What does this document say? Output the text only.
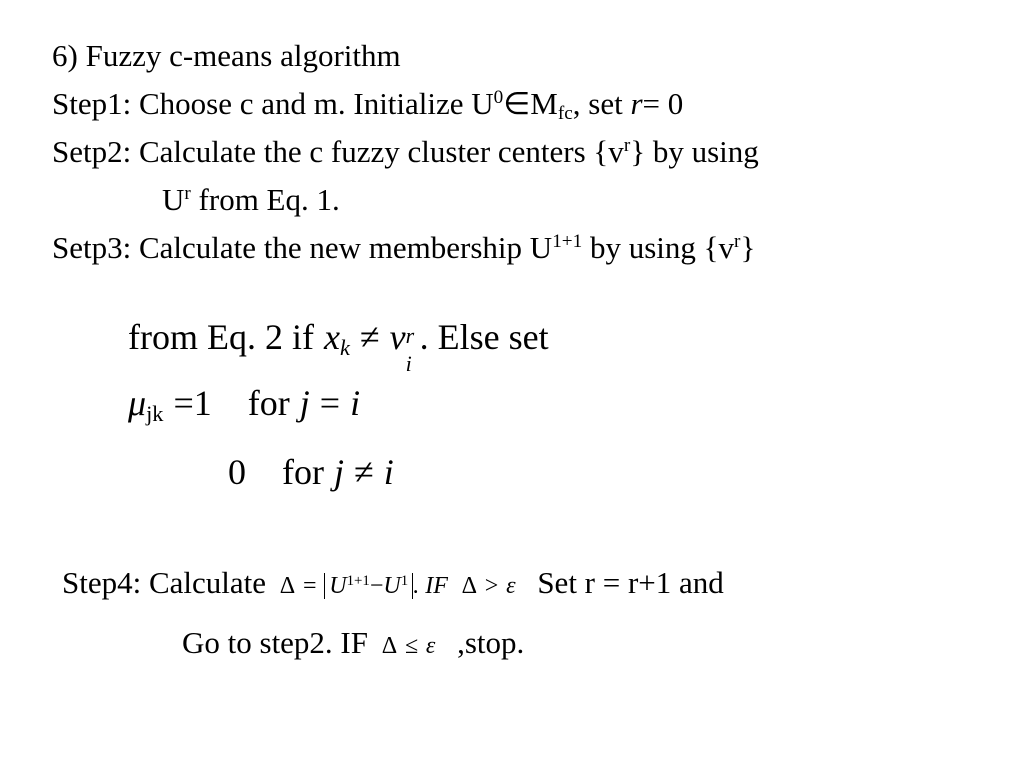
6) Fuzzy c-means algorithm
Step1: Choose c and m. Initialize $U^0\in M_{fc}$, set r= 0
Setp2: Calculate the c fuzzy cluster centers $\{v^r\}$ by using
$U^r$ from Eq. 1.
Setp3: Calculate the new membership $U^{1+1}$ by using $\{v^r\}$
from Eq. 2 if $x_k \ne v$ r
i
. Else set
$\mu_{jk} =1$ for j = i
0 for j ≠ i
Step4: Calculate $\Delta = U^{1+1}-U^1$ . IF Δ > ε Set r = r+1 and
Go to step2. IF Δ ≤ ε ,stop.
